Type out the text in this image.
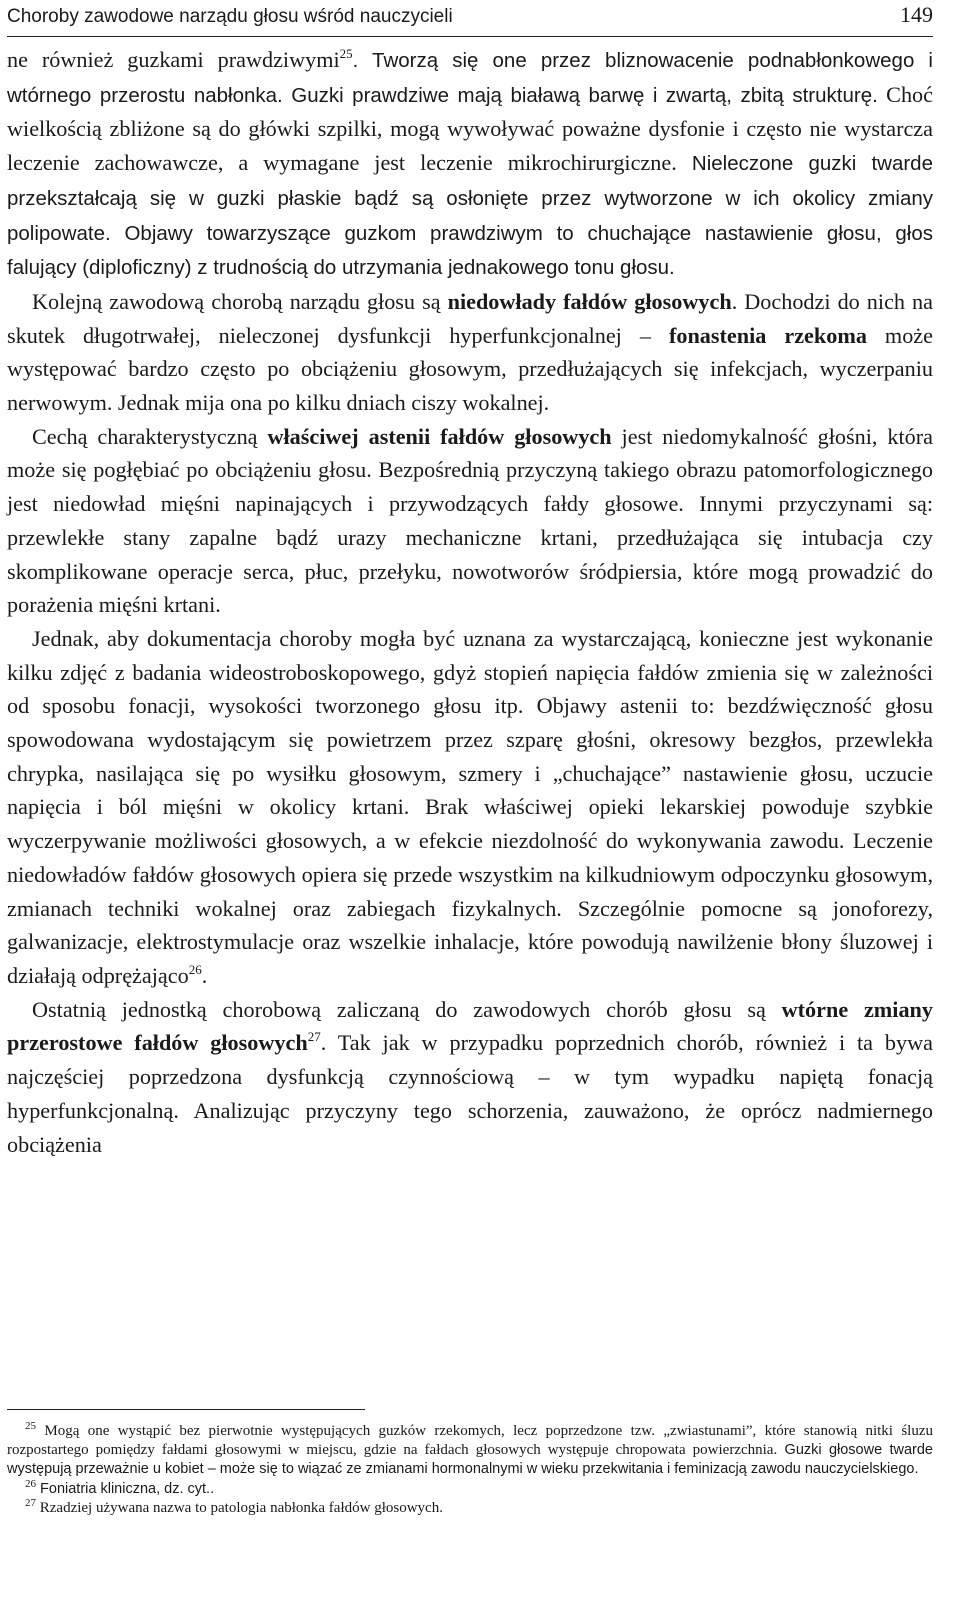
Choroby zawodowe narządu głosu wśród nauczycieli	149

ne również guzkami prawdziwymi$^{25}$. Tworzą się one przez bliznowacenie podnabłonkowego i wtórnego przerostu nabłonka. Guzki prawdziwe mają białawą barwę i zwartą, zbitą strukturę. Choć wielkością zbliżone są do główki szpilki, mogą wywoływać poważne dysfonie i często nie wystarcza leczenie zachowawcze, a wymagane jest leczenie mikrochirurgiczne. Nieleczone guzki twarde przekształcają się w guzki płaskie bądź są osłonięte przez wytworzone w ich okolicy zmiany polipowate. Objawy towarzyszące guzkom prawdziwym to chuchające nastawienie głosu, głos falujący (diploficzny) z trudnością do utrzymania jednakowego tonu głosu.

Kolejną zawodową chorobą narządu głosu są niedowłady fałdów głosowych. Dochodzi do nich na skutek długotrwałej, nieleczonej dysfunkcji hyperfunkcjonalnej – fonastenia rzekoma może występować bardzo często po obciążeniu głosowym, przedłużających się infekcjach, wyczerpaniu nerwowym. Jednak mija ona po kilku dniach ciszy wokalnej.

Cechą charakterystyczną właściwej astenii fałdów głosowych jest niedomykalność głośni, która może się pogłębiać po obciążeniu głosu. Bezpośrednią przyczyną takiego obrazu patomorfologicznego jest niedowład mięśni napinających i przywodzących fałdy głosowe. Innymi przyczynami są: przewlekłe stany zapalne bądź urazy mechaniczne krtani, przedłużająca się intubacja czy skomplikowane operacje serca, płuc, przełyku, nowotworów śródpiersia, które mogą prowadzić do porażenia mięśni krtani.

Jednak, aby dokumentacja choroby mogła być uznana za wystarczającą, konieczne jest wykonanie kilku zdjęć z badania wideostroboskopowego, gdyż stopień napięcia fałdów zmienia się w zależności od sposobu fonacji, wysokości tworzonego głosu itp. Objawy astenii to: bezdźwięczność głosu spowodowana wydostającym się powietrzem przez szparę głośni, okresowy bezgłos, przewlekła chrypka, nasilająca się po wysiłku głosowym, szmery i „chuchające” nastawienie głosu, uczucie napięcia i ból mięśni w okolicy krtani. Brak właściwej opieki lekarskiej powoduje szybkie wyczerpywanie możliwości głosowych, a w efekcie niezdolność do wykonywania zawodu. Leczenie niedowładów fałdów głosowych opiera się przede wszystkim na kilkudniowym odpoczynku głosowym, zmianach techniki wokalnej oraz zabiegach fizykalnych. Szczególnie pomocne są jonoforezy, galwanizacje, elektrostymulacje oraz wszelkie inhalacje, które powodują nawilżenie błony śluzowej i działają odprężająco$^{26}$.

Ostatnią jednostką chorobową zaliczaną do zawodowych chorób głosu są wtórne zmiany przerostowe fałdów głosowych$^{27}$. Tak jak w przypadku poprzednich chorób, również i ta bywa najczęściej poprzedzona dysfunkcją czynnościową – w tym wypadku napiętą fonacją hyperfunkcjonalną. Analizując przyczyny tego schorzenia, zauważono, że oprócz nadmiernego obciążenia

$^{25}$ Mogą one wystąpić bez pierwotnie występujących guzków rzekomych, lecz poprzedzone tzw. „zwiastunami”, które stanowią nitki śluzu rozpostartego pomiędzy fałdami głosowymi w miejscu, gdzie na fałdach głosowych występuje chropowata powierzchnia. Guzki głosowe twarde występują przeważnie u kobiet – może się to wiązać ze zmianami hormonalnymi w wieku przekwitania i feminizacją zawodu nauczycielskiego.

$^{26}$ Foniatria kliniczna, dz. cyt..

$^{27}$ Rzadziej używana nazwa to patologia nabłonka fałdów głosowych.
